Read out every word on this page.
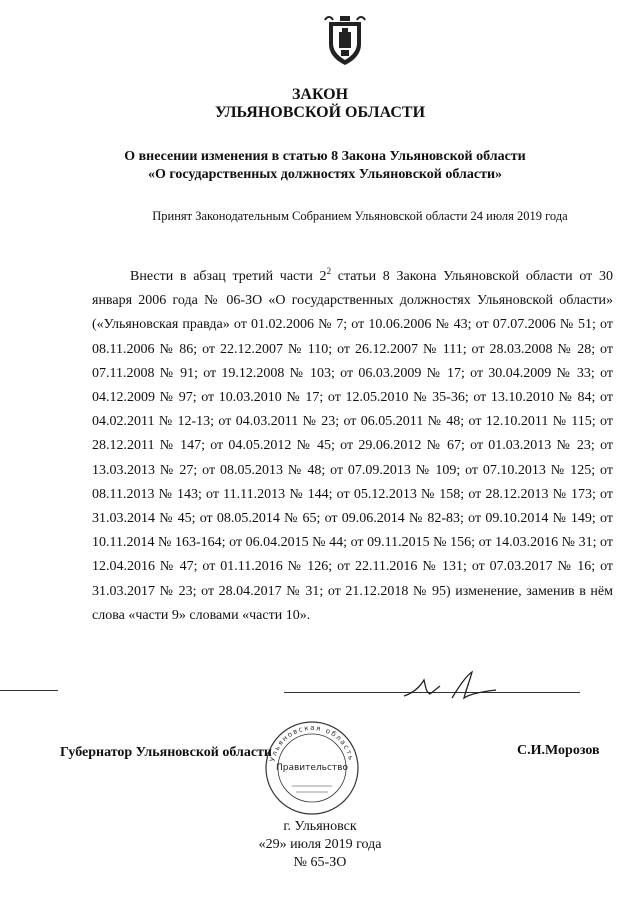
ЗАКОН
УЛЬЯНОВСКОЙ ОБЛАСТИ
О внесении изменения в статью 8 Закона Ульяновской области
«О государственных должностях Ульяновской области»
Принят Законодательным Собранием Ульяновской области 24 июля 2019 года
Внести в абзац третий части $2^2$ статьи 8 Закона Ульяновской области от 30 января 2006 года № 06-ЗО «О государственных должностях Ульяновской области» («Ульяновская правда» от 01.02.2006 № 7; от 10.06.2006 № 43; от 07.07.2006 № 51; от 08.11.2006 № 86; от 22.12.2007 № 110; от 26.12.2007 № 111; от 28.03.2008 № 28; от 07.11.2008 № 91; от 19.12.2008 № 103; от 06.03.2009 № 17; от 30.04.2009 № 33; от 04.12.2009 № 97; от 10.03.2010 № 17; от 12.05.2010 № 35-36; от 13.10.2010 № 84; от 04.02.2011 № 12-13; от 04.03.2011 № 23; от 06.05.2011 № 48; от 12.10.2011 № 115; от 28.12.2011 № 147; от 04.05.2012 № 45; от 29.06.2012 № 67; от 01.03.2013 № 23; от 13.03.2013 № 27; от 08.05.2013 № 48; от 07.09.2013 № 109; от 07.10.2013 № 125; от 08.11.2013 № 143; от 11.11.2013 № 144; от 05.12.2013 № 158; от 28.12.2013 № 173; от 31.03.2014 № 45; от 08.05.2014 № 65; от 09.06.2014 № 82-83; от 09.10.2014 № 149; от 10.11.2014 № 163-164; от 06.04.2015 № 44; от 09.11.2015 № 156; от 14.03.2016 № 31; от 12.04.2016 № 47; от 01.11.2016 № 126; от 22.11.2016 № 131; от 07.03.2017 № 16; от 31.03.2017 № 23; от 28.04.2017 № 31; от 21.12.2018 № 95) изменение, заменив в нём слова «части 9» словами «части 10».
Ульяновская область
Правительство
Губернатор Ульяновской области	С.И.Морозов
г. Ульяновск
«29» июля 2019 года
№ 65-ЗО
